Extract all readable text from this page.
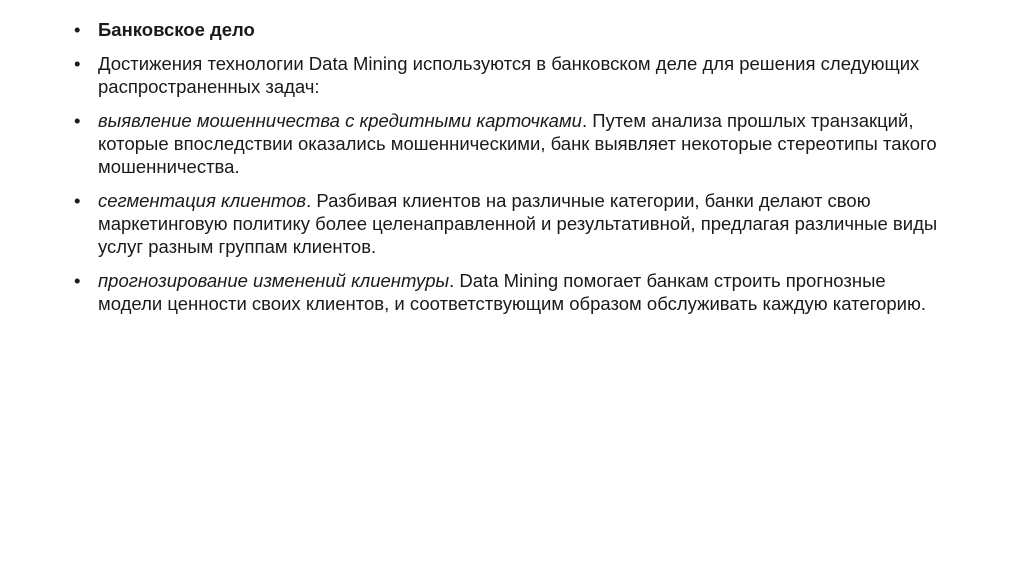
• Банковское дело
• Достижения технологии Data Mining используются в банковском деле для решения следующих распространенных задач:
• выявление мошенничества с кредитными карточками. Путем анализа прошлых транзакций, которые впоследствии оказались мошенническими, банк выявляет некоторые стереотипы такого мошенничества.
• сегментация клиентов. Разбивая клиентов на различные категории, банки делают свою маркетинговую политику более целенаправленной и результативной, предлагая различные виды услуг разным группам клиентов.
• прогнозирование изменений клиентуры. Data Mining помогает банкам строить прогнозные модели ценности своих клиентов, и соответствующим образом обслуживать каждую категорию.
